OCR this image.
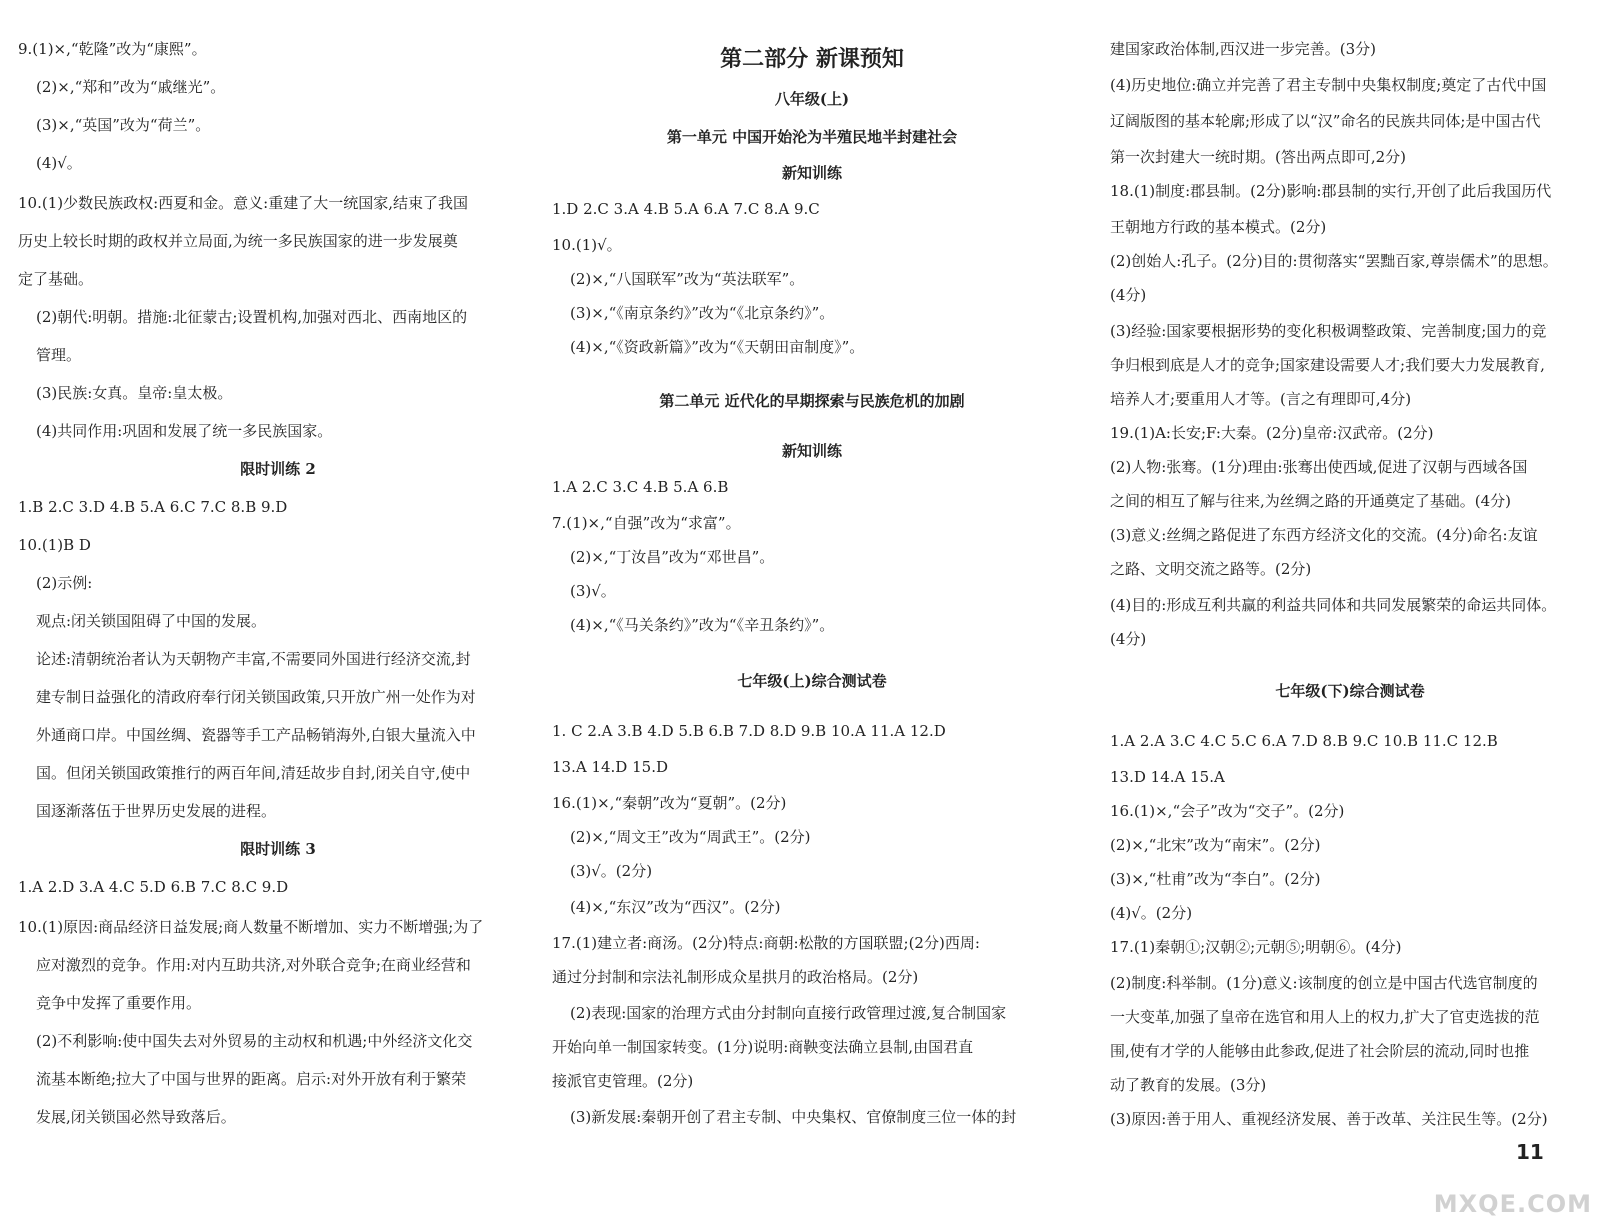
9.(1)×,“乾隆”改为“康熙”。
(2)×,“郑和”改为“戚继光”。
(3)×,“英国”改为“荷兰”。
(4)√。
10.(1)少数民族政权:西夏和金。意义:重建了大一统国家,结束了我国
历史上较长时期的政权并立局面,为统一多民族国家的进一步发展奠
定了基础。
(2)朝代:明朝。措施:北征蒙古;设置机构,加强对西北、西南地区的
管理。
(3)民族:女真。皇帝:皇太极。
(4)共同作用:巩固和发展了统一多民族国家。
限时训练 2
1.B 2.C 3.D 4.B 5.A 6.C 7.C 8.B 9.D
10.(1)B D
(2)示例:
观点:闭关锁国阻碍了中国的发展。
论述:清朝统治者认为天朝物产丰富,不需要同外国进行经济交流,封
建专制日益强化的清政府奉行闭关锁国政策,只开放广州一处作为对
外通商口岸。中国丝绸、瓷器等手工产品畅销海外,白银大量流入中
国。但闭关锁国政策推行的两百年间,清廷故步自封,闭关自守,使中
国逐渐落伍于世界历史发展的进程。
限时训练 3
1.A 2.D 3.A 4.C 5.D 6.B 7.C 8.C 9.D
10.(1)原因:商品经济日益发展;商人数量不断增加、实力不断增强;为了
应对激烈的竞争。作用:对内互助共济,对外联合竞争;在商业经营和
竞争中发挥了重要作用。
(2)不利影响:使中国失去对外贸易的主动权和机遇;中外经济文化交
流基本断绝;拉大了中国与世界的距离。启示:对外开放有利于繁荣
发展,闭关锁国必然导致落后。
第二部分 新课预知
八年级(上)
第一单元 中国开始沦为半殖民地半封建社会
新知训练
1.D 2.C 3.A 4.B 5.A 6.A 7.C 8.A 9.C
10.(1)√。
(2)×,“八国联军”改为“英法联军”。
(3)×,“《南京条约》”改为“《北京条约》”。
(4)×,“《资政新篇》”改为“《天朝田亩制度》”。
第二单元 近代化的早期探索与民族危机的加剧
新知训练
1.A 2.C 3.C 4.B 5.A 6.B
7.(1)×,“自强”改为“求富”。
(2)×,“丁汝昌”改为“邓世昌”。
(3)√。
(4)×,“《马关条约》”改为“《辛丑条约》”。
七年级(上)综合测试卷
1. C 2.A 3.B 4.D 5.B 6.B 7.D 8.D 9.B 10.A 11.A 12.D
13.A 14.D 15.D
16.(1)×,“秦朝”改为“夏朝”。(2分)
(2)×,“周文王”改为“周武王”。(2分)
(3)√。(2分)
(4)×,“东汉”改为“西汉”。(2分)
17.(1)建立者:商汤。(2分)特点:商朝:松散的方国联盟;(2分)西周:
通过分封制和宗法礼制形成众星拱月的政治格局。(2分)
(2)表现:国家的治理方式由分封制向直接行政管理过渡,复合制国家
开始向单一制国家转变。(1分)说明:商鞅变法确立县制,由国君直
接派官吏管理。(2分)
(3)新发展:秦朝开创了君主专制、中央集权、官僚制度三位一体的封
建国家政治体制,西汉进一步完善。(3分)
(4)历史地位:确立并完善了君主专制中央集权制度;奠定了古代中国
辽阔版图的基本轮廓;形成了以“汉”命名的民族共同体;是中国古代
第一次封建大一统时期。(答出两点即可,2分)
18.(1)制度:郡县制。(2分)影响:郡县制的实行,开创了此后我国历代
王朝地方行政的基本模式。(2分)
(2)创始人:孔子。(2分)目的:贯彻落实“罢黜百家,尊崇儒术”的思想。
(4分)
(3)经验:国家要根据形势的变化积极调整政策、完善制度;国力的竞
争归根到底是人才的竞争;国家建设需要人才;我们要大力发展教育,
培养人才;要重用人才等。(言之有理即可,4分)
19.(1)A:长安;F:大秦。(2分)皇帝:汉武帝。(2分)
(2)人物:张骞。(1分)理由:张骞出使西域,促进了汉朝与西域各国
之间的相互了解与往来,为丝绸之路的开通奠定了基础。(4分)
(3)意义:丝绸之路促进了东西方经济文化的交流。(4分)命名:友谊
之路、文明交流之路等。(2分)
(4)目的:形成互利共赢的利益共同体和共同发展繁荣的命运共同体。
(4分)
七年级(下)综合测试卷
1.A 2.A 3.C 4.C 5.C 6.A 7.D 8.B 9.C 10.B 11.C 12.B
13.D 14.A 15.A
16.(1)×,“会子”改为“交子”。(2分)
(2)×,“北宋”改为“南宋”。(2分)
(3)×,“杜甫”改为“李白”。(2分)
(4)√。(2分)
17.(1)秦朝①;汉朝②;元朝⑤;明朝⑥。(4分)
(2)制度:科举制。(1分)意义:该制度的创立是中国古代选官制度的
一大变革,加强了皇帝在选官和用人上的权力,扩大了官吏选拔的范
围,使有才学的人能够由此参政,促进了社会阶层的流动,同时也推
动了教育的发展。(3分)
(3)原因:善于用人、重视经济发展、善于改革、关注民生等。(2分)
11
MXQE.COM
